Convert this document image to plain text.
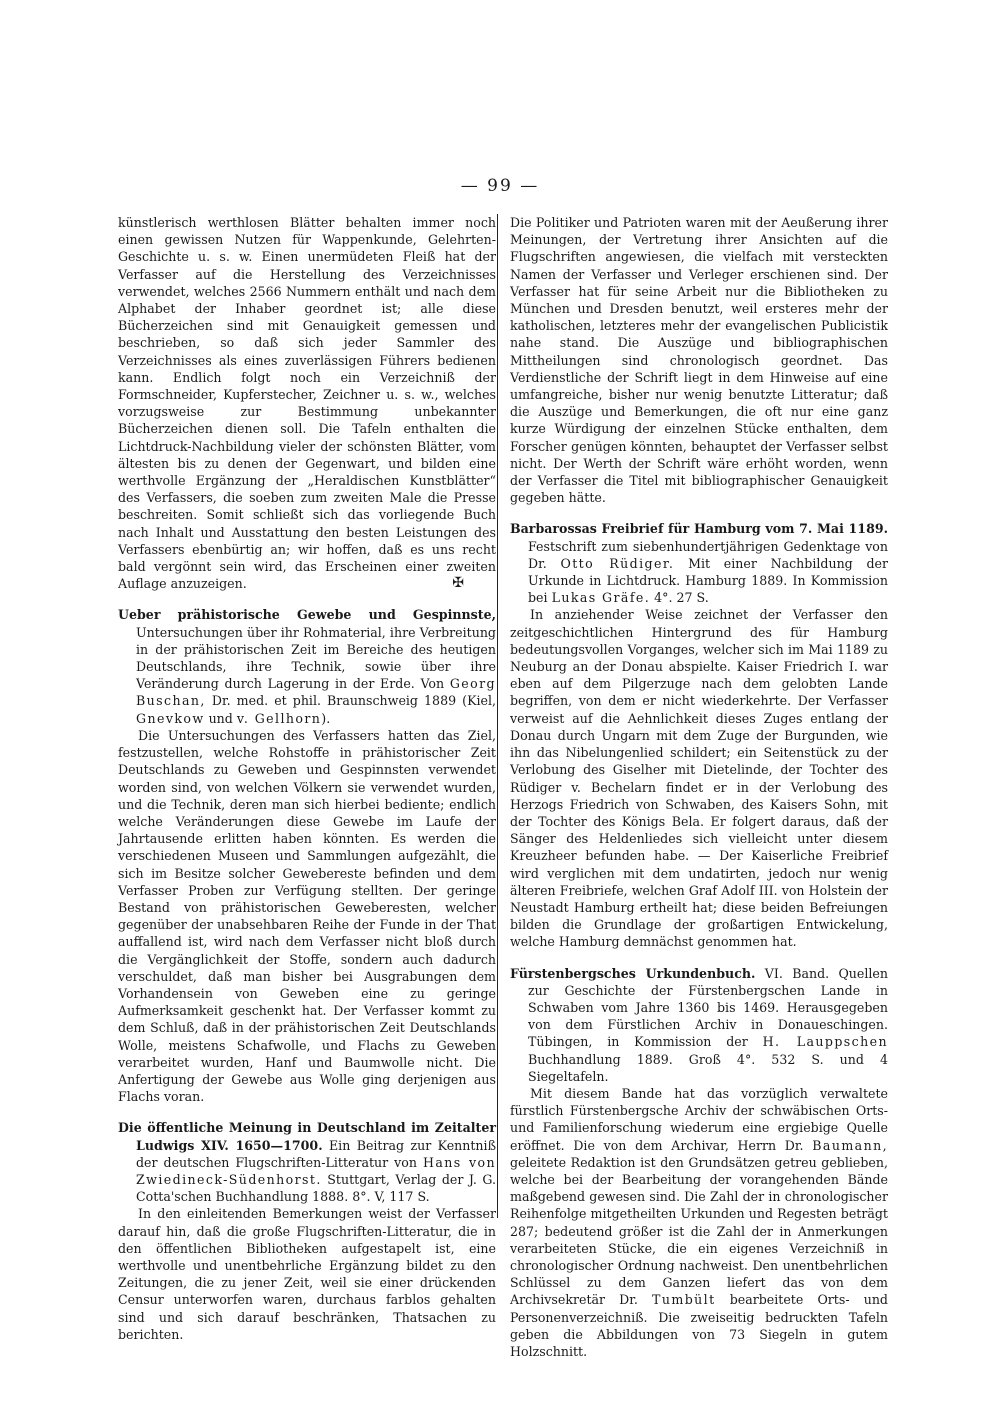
— 99 —

künstlerisch werthlosen Blätter behalten immer noch einen gewissen Nutzen für Wappenkunde, Gelehrten-Geschichte u. s. w. Einen unermüdeten Fleiß hat der Verfasser auf die Herstellung des Verzeichnisses verwendet, welches 2566 Nummern enthält und nach dem Alphabet der Inhaber geordnet ist; alle diese Bücherzeichen sind mit Genauigkeit gemessen und beschrieben, so daß sich jeder Sammler des Verzeichnisses als eines zuverlässigen Führers bedienen kann. Endlich folgt noch ein Verzeichniß der Formschneider, Kupferstecher, Zeichner u. s. w., welches vorzugsweise zur Bestimmung unbekannter Bücherzeichen dienen soll. Die Tafeln enthalten die Lichtdruck-Nachbildung vieler der schönsten Blätter, vom ältesten bis zu denen der Gegenwart, und bilden eine werthvolle Ergänzung der „Heraldischen Kunstblätter“ des Verfassers, die soeben zum zweiten Male die Presse beschreiten. Somit schließt sich das vorliegende Buch nach Inhalt und Ausstattung den besten Leistungen des Verfassers ebenbürtig an; wir hoffen, daß es uns recht bald vergönnt sein wird, das Erscheinen einer zweiten Auflage anzuzeigen.	✠

Ueber prähistorische Gewebe und Gespinnste, Untersuchungen über ihr Rohmaterial, ihre Verbreitung in der prähistorischen Zeit im Bereiche des heutigen Deutschlands, ihre Technik, sowie über ihre Veränderung durch Lagerung in der Erde. Von Georg Buschan, Dr. med. et phil. Braunschweig 1889 (Kiel, Gnevkow und v. Gellhorn).

Die Untersuchungen des Verfassers hatten das Ziel, festzustellen, welche Rohstoffe in prähistorischer Zeit Deutschlands zu Geweben und Gespinnsten verwendet worden sind, von welchen Völkern sie verwendet wurden, und die Technik, deren man sich hierbei bediente; endlich welche Veränderungen diese Gewebe im Laufe der Jahrtausende erlitten haben könnten. Es werden die verschiedenen Museen und Sammlungen aufgezählt, die sich im Besitze solcher Gewebereste befinden und dem Verfasser Proben zur Verfügung stellten. Der geringe Bestand von prähistorischen Geweberesten, welcher gegenüber der unabsehbaren Reihe der Funde in der That auffallend ist, wird nach dem Verfasser nicht bloß durch die Vergänglichkeit der Stoffe, sondern auch dadurch verschuldet, daß man bisher bei Ausgrabungen dem Vorhandensein von Geweben eine zu geringe Aufmerksamkeit geschenkt hat. Der Verfasser kommt zu dem Schluß, daß in der prähistorischen Zeit Deutschlands Wolle, meistens Schafwolle, und Flachs zu Geweben verarbeitet wurden, Hanf und Baumwolle nicht. Die Anfertigung der Gewebe aus Wolle ging derjenigen aus Flachs voran.

Die öffentliche Meinung in Deutschland im Zeitalter Ludwigs XIV. 1650—1700. Ein Beitrag zur Kenntniß der deutschen Flugschriften-Litteratur von Hans von Zwiedineck-Südenhorst. Stuttgart, Verlag der J. G. Cotta'schen Buchhandlung 1888. 8°. V, 117 S.

In den einleitenden Bemerkungen weist der Verfasser darauf hin, daß die große Flugschriften-Litteratur, die in den öffentlichen Bibliotheken aufgestapelt ist, eine werthvolle und unentbehrliche Ergänzung bildet zu den Zeitungen, die zu jener Zeit, weil sie einer drückenden Censur unterworfen waren, durchaus farblos gehalten sind und sich darauf beschränken, Thatsachen zu berichten.

Die Politiker und Patrioten waren mit der Aeußerung ihrer Meinungen, der Vertretung ihrer Ansichten auf die Flugschriften angewiesen, die vielfach mit versteckten Namen der Verfasser und Verleger erschienen sind. Der Verfasser hat für seine Arbeit nur die Bibliotheken zu München und Dresden benutzt, weil ersteres mehr der katholischen, letzteres mehr der evangelischen Publicistik nahe stand. Die Auszüge und bibliographischen Mittheilungen sind chronologisch geordnet. Das Verdienstliche der Schrift liegt in dem Hinweise auf eine umfangreiche, bisher nur wenig benutzte Litteratur; daß die Auszüge und Bemerkungen, die oft nur eine ganz kurze Würdigung der einzelnen Stücke enthalten, dem Forscher genügen könnten, behauptet der Verfasser selbst nicht. Der Werth der Schrift wäre erhöht worden, wenn der Verfasser die Titel mit bibliographischer Genauigkeit gegeben hätte.

Barbarossas Freibrief für Hamburg vom 7. Mai 1189. Festschrift zum siebenhundertjährigen Gedenktage von Dr. Otto Rüdiger. Mit einer Nachbildung der Urkunde in Lichtdruck. Hamburg 1889. In Kommission bei Lukas Gräfe. 4°. 27 S.

In anziehender Weise zeichnet der Verfasser den zeitgeschichtlichen Hintergrund des für Hamburg bedeutungsvollen Vorganges, welcher sich im Mai 1189 zu Neuburg an der Donau abspielte. Kaiser Friedrich I. war eben auf dem Pilgerzuge nach dem gelobten Lande begriffen, von dem er nicht wiederkehrte. Der Verfasser verweist auf die Aehnlichkeit dieses Zuges entlang der Donau durch Ungarn mit dem Zuge der Burgunden, wie ihn das Nibelungenlied schildert; ein Seitenstück zu der Verlobung des Giselher mit Dietelinde, der Tochter des Rüdiger v. Bechelarn findet er in der Verlobung des Herzogs Friedrich von Schwaben, des Kaisers Sohn, mit der Tochter des Königs Bela. Er folgert daraus, daß der Sänger des Heldenliedes sich vielleicht unter diesem Kreuzheer befunden habe. — Der Kaiserliche Freibrief wird verglichen mit dem undatirten, jedoch nur wenig älteren Freibriefe, welchen Graf Adolf III. von Holstein der Neustadt Hamburg ertheilt hat; diese beiden Befreiungen bilden die Grundlage der großartigen Entwickelung, welche Hamburg demnächst genommen hat.

Fürstenbergsches Urkundenbuch. VI. Band. Quellen zur Geschichte der Fürstenbergschen Lande in Schwaben vom Jahre 1360 bis 1469. Herausgegeben von dem Fürstlichen Archiv in Donaueschingen. Tübingen, in Kommission der H. Lauppschen Buchhandlung 1889. Groß 4°. 532 S. und 4 Siegeltafeln.

Mit diesem Bande hat das vorzüglich verwaltete fürstlich Fürstenbergsche Archiv der schwäbischen Orts- und Familienforschung wiederum eine ergiebige Quelle eröffnet. Die von dem Archivar, Herrn Dr. Baumann, geleitete Redaktion ist den Grundsätzen getreu geblieben, welche bei der Bearbeitung der vorangehenden Bände maßgebend gewesen sind. Die Zahl der in chronologischer Reihenfolge mitgetheilten Urkunden und Regesten beträgt 287; bedeutend größer ist die Zahl der in Anmerkungen verarbeiteten Stücke, die ein eigenes Verzeichniß in chronologischer Ordnung nachweist. Den unentbehrlichen Schlüssel zu dem Ganzen liefert das von dem Archivsekretär Dr. Tumbült bearbeitete Orts- und Personenverzeichniß. Die zweiseitig bedruckten Tafeln geben die Abbildungen von 73 Siegeln in gutem Holzschnitt.
